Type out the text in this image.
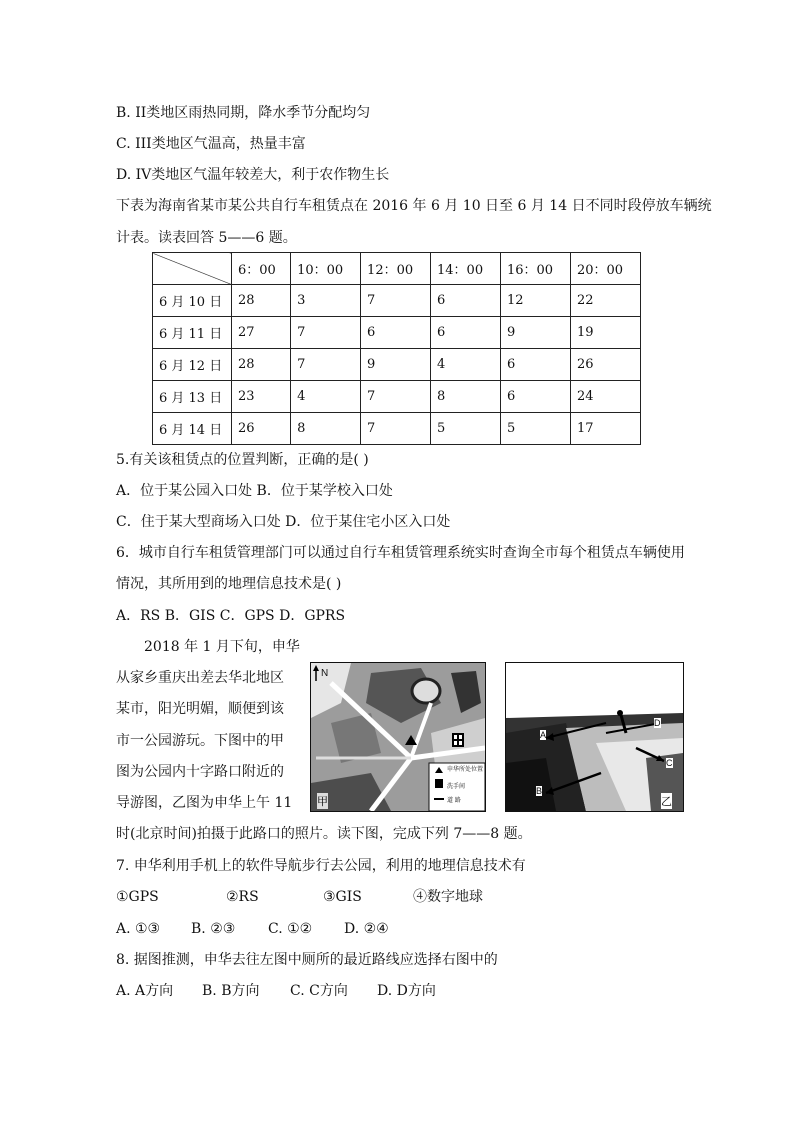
B. II类地区雨热同期，降水季节分配均匀
C. III类地区气温高，热量丰富
D. IV类地区气温年较差大，利于农作物生长
下表为海南省某市某公共自行车租赁点在 2016 年 6 月 10 日至 6 月 14 日不同时段停放车辆统
计表。读表回答 5——6 题。
	6：00	10：00	12：00	14：00	16：00	20：00
6 月 10 日	28	3	7	6	12	22
6 月 11 日	27	7	6	6	9	19
6 月 12 日	28	7	9	4	6	26
6 月 13 日	23	4	7	8	6	24
6 月 14 日	26	8	7	5	5	17
5.有关该租赁点的位置判断，正确的是( )
A．位于某公园入口处 B．位于某学校入口处
C．住于某大型商场入口处 D．位于某住宅小区入口处
6．城市自行车租赁管理部门可以通过自行车租赁管理系统实时查询全市每个租赁点车辆使用
情况，其所用到的地理信息技术是( )
A．RS B．GIS C．GPS D．GPRS
2018 年 1 月下旬，申华
从家乡重庆出差去华北地区
某市，阳光明媚，顺便到该
市一公园游玩。下图中的甲
图为公园内十字路口附近的
导游图，乙图为申华上午 11
时(北京时间)拍摄于此路口的照片。读下图，完成下列 7——8 题。
N
甲
申华所处位置
洗手间
道 路
A
B
C
D
乙
7. 申华利用手机上的软件导航步行去公园，利用的地理信息技术有
①GPS	②RS	③GIS	④数字地球
A. ①③ B. ②③ C. ①② D. ②④
8. 据图推测，申华去往左图中厕所的最近路线应选择右图中的
A. A方向 B. B方向 C. C方向 D. D方向
